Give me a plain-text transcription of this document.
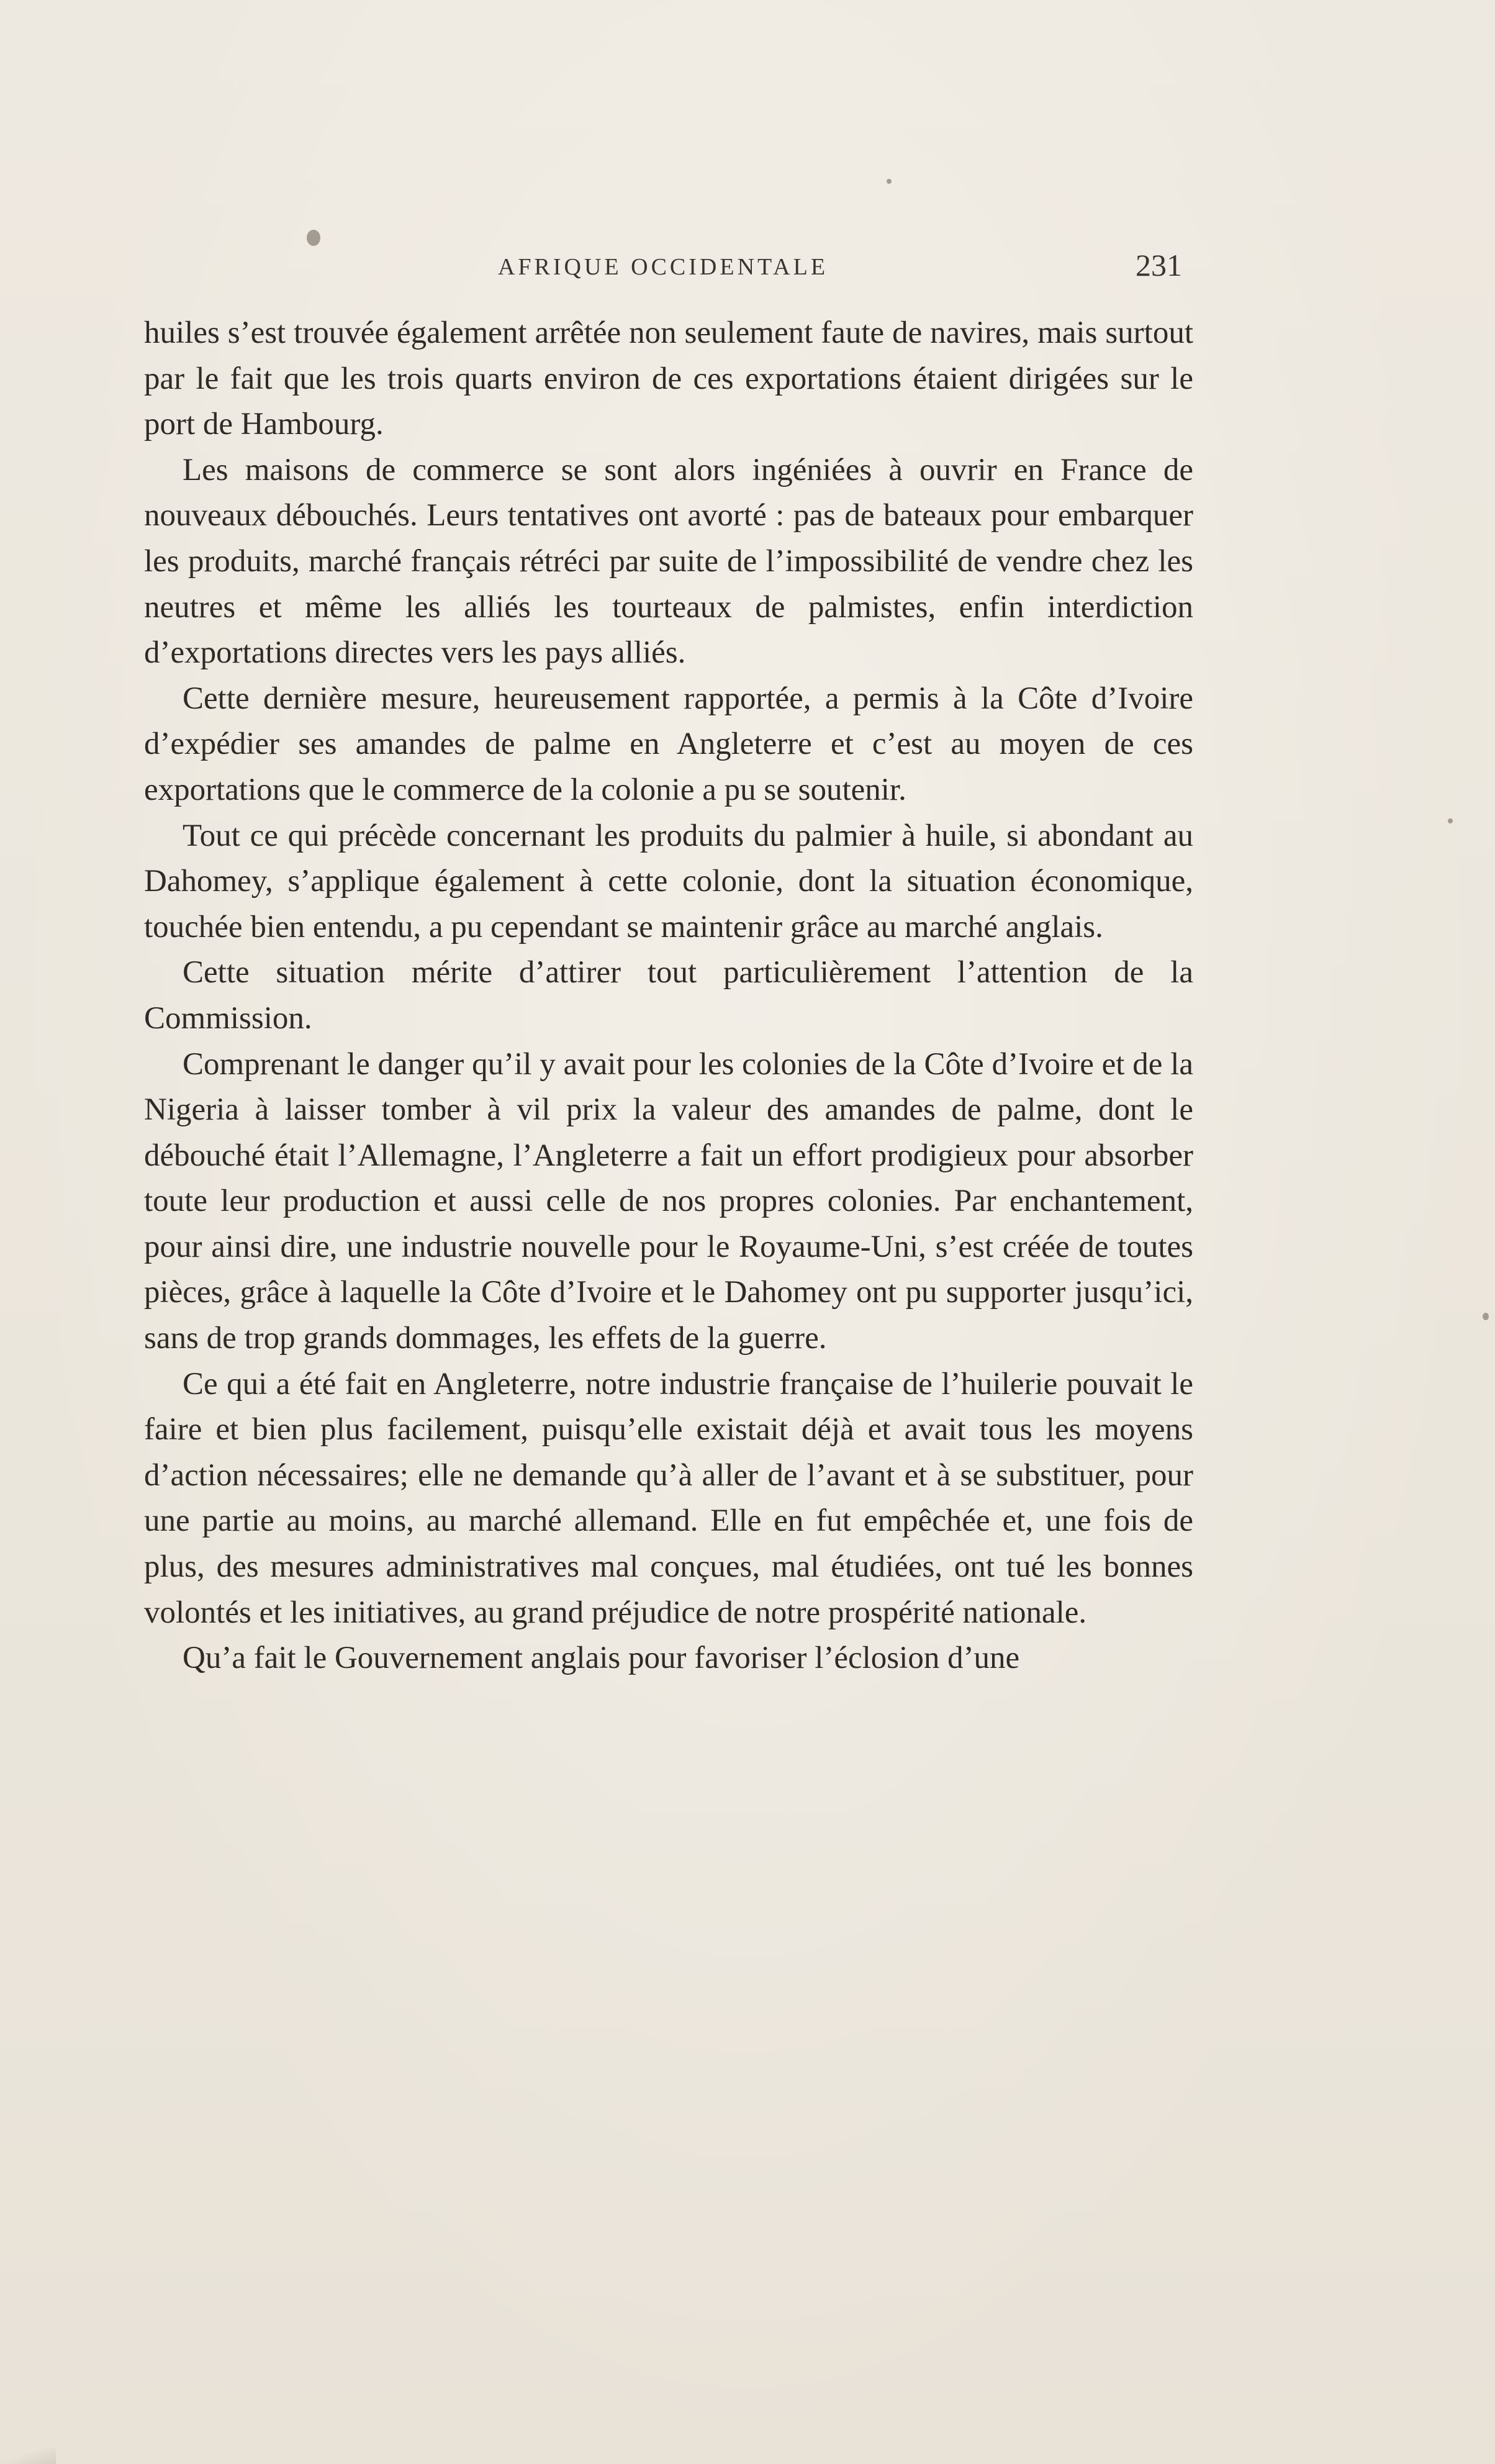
AFRIQUE OCCIDENTALE	231

huiles s’est trouvée également arrêtée non seulement faute de navires, mais surtout par le fait que les trois quarts environ de ces exportations étaient dirigées sur le port de Hambourg.

Les maisons de commerce se sont alors ingéniées à ouvrir en France de nouveaux débouchés. Leurs tentatives ont avorté : pas de bateaux pour embarquer les produits, marché français rétréci par suite de l’impossibilité de vendre chez les neutres et même les alliés les tourteaux de palmistes, enfin interdiction d’exportations directes vers les pays alliés.

Cette dernière mesure, heureusement rapportée, a permis à la Côte d’Ivoire d’expédier ses amandes de palme en Angleterre et c’est au moyen de ces exportations que le commerce de la colonie a pu se soutenir.

Tout ce qui précède concernant les produits du palmier à huile, si abondant au Dahomey, s’applique également à cette colonie, dont la situation économique, touchée bien entendu, a pu cependant se maintenir grâce au marché anglais.

Cette situation mérite d’attirer tout particulièrement l’attention de la Commission.

Comprenant le danger qu’il y avait pour les colonies de la Côte d’Ivoire et de la Nigeria à laisser tomber à vil prix la valeur des amandes de palme, dont le débouché était l’Allemagne, l’Angleterre a fait un effort prodigieux pour absorber toute leur production et aussi celle de nos propres colonies. Par enchantement, pour ainsi dire, une industrie nouvelle pour le Royaume-Uni, s’est créée de toutes pièces, grâce à laquelle la Côte d’Ivoire et le Dahomey ont pu supporter jusqu’ici, sans de trop grands dommages, les effets de la guerre.

Ce qui a été fait en Angleterre, notre industrie française de l’huilerie pouvait le faire et bien plus facilement, puisqu’elle existait déjà et avait tous les moyens d’action nécessaires; elle ne demande qu’à aller de l’avant et à se substituer, pour une partie au moins, au marché allemand. Elle en fut empêchée et, une fois de plus, des mesures administratives mal conçues, mal étudiées, ont tué les bonnes volontés et les initiatives, au grand préjudice de notre prospérité nationale.

Qu’a fait le Gouvernement anglais pour favoriser l’éclosion d’une
